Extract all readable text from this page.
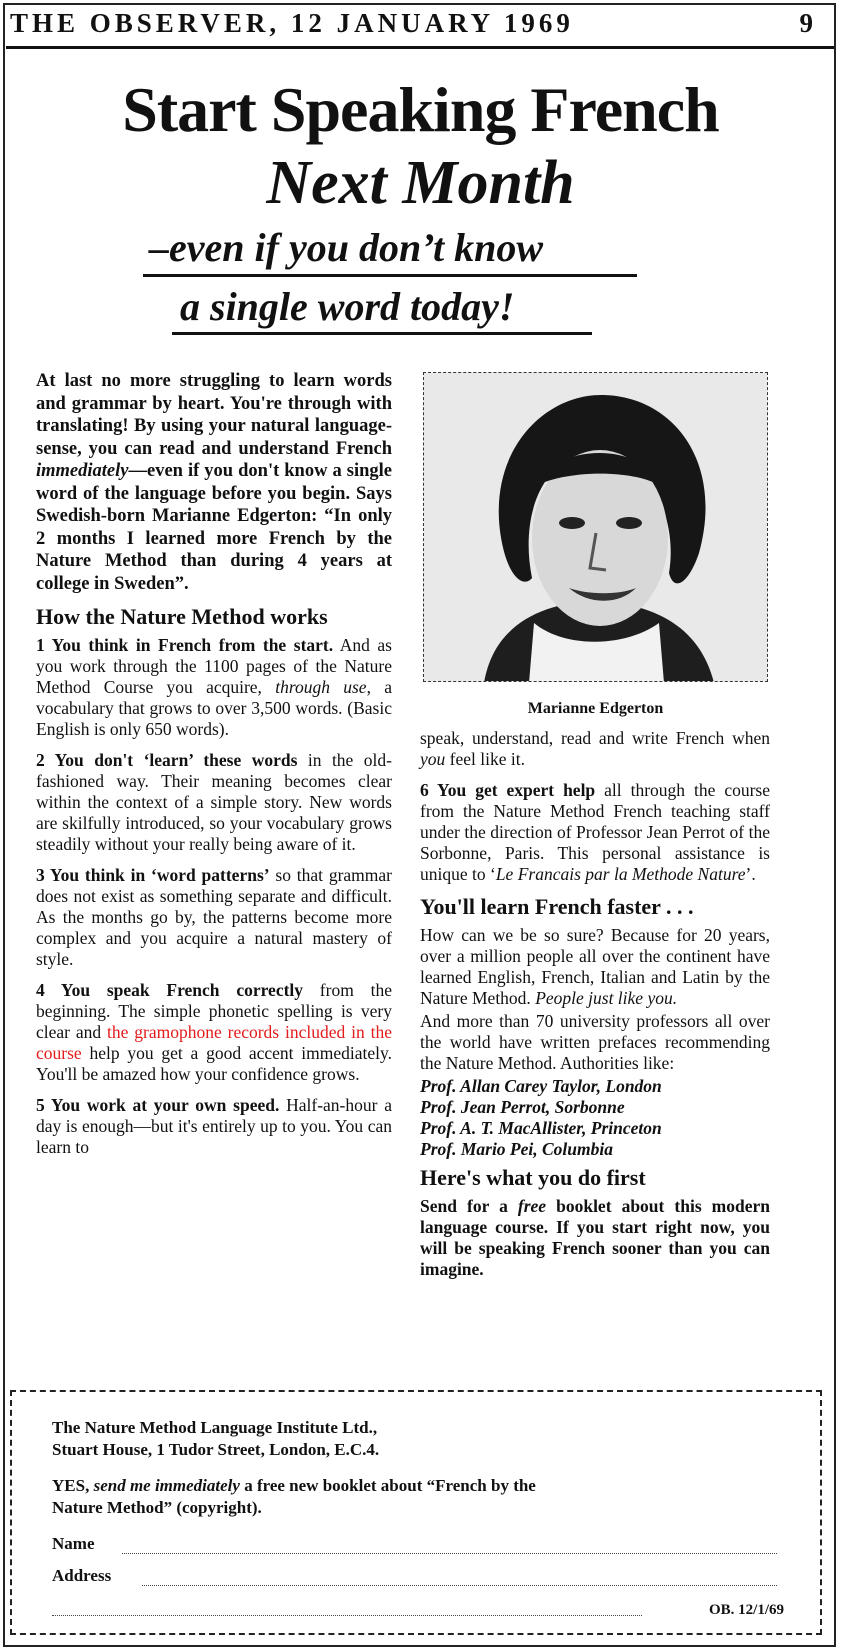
THE OBSERVER, 12 JANUARY 1969	9
Start Speaking French
Next Month
–even if you don’t know
a single word today!

At last no more struggling to learn words and grammar by heart. You're through with translating! By using your natural language-sense, you can read and understand French immediately—even if you don't know a single word of the language before you begin. Says Swedish-born Marianne Edgerton: “In only 2 months I learned more French by the Nature Method than during 4 years at college in Sweden”.

How the Nature Method works

1 You think in French from the start. And as you work through the 1100 pages of the Nature Method Course you acquire, through use, a vocabulary that grows to over 3,500 words. (Basic English is only 650 words).

2 You don't ‘learn’ these words in the old-fashioned way. Their meaning becomes clear within the context of a simple story. New words are skilfully introduced, so your vocabulary grows steadily without your really being aware of it.

3 You think in ‘word patterns’ so that grammar does not exist as something separate and difficult. As the months go by, the patterns become more complex and you acquire a natural mastery of style.

4 You speak French correctly from the beginning. The simple phonetic spelling is very clear and the gramophone records included in the course help you get a good accent immediately. You'll be amazed how your confidence grows.

5 You work at your own speed. Half-an-hour a day is enough—but it's entirely up to you. You can learn to

Marianne Edgerton

speak, understand, read and write French when you feel like it.

6 You get expert help all through the course from the Nature Method French teaching staff under the direction of Professor Jean Perrot of the Sorbonne, Paris. This personal assistance is unique to ‘Le Francais par la Methode Nature’.

You'll learn French faster . . .

How can we be so sure? Because for 20 years, over a million people all over the continent have learned English, French, Italian and Latin by the Nature Method. People just like you.

And more than 70 university professors all over the world have written prefaces recommending the Nature Method. Authorities like:

Prof. Allan Carey Taylor, London
Prof. Jean Perrot, Sorbonne
Prof. A. T. MacAllister, Princeton
Prof. Mario Pei, Columbia
Here's what you do first

Send for a free booklet about this modern language course. If you start right now, you will be speaking French sooner than you can imagine.

The Nature Method Language Institute Ltd.,
Stuart House, 1 Tudor Street, London, E.C.4.
YES, send me immediately a free new booklet about “French by the
Nature Method” (copyright).
Name
Address
OB. 12/1/69
